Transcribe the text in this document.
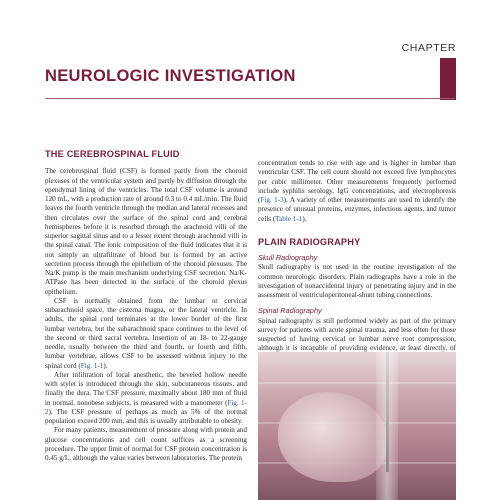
CHAPTER
NEUROLOGIC INVESTIGATION
THE CEREBROSPINAL FLUID

The cerebrospinal fluid (CSF) is formed partly from the choroid plexuses of the ventricular system and partly by diffusion through the ependymal lining of the ventricles. The total CSF volume is around 120 mL, with a production rate of around 0.3 to 0.4 mL/min. The fluid leaves the fourth ventricle through the median and lateral recesses and then circulates over the surface of the spinal cord and cerebral hemispheres before it is resorbed through the arachnoid villi of the superior sagittal sinus and to a lesser extent through arachnoid villi in the spinal canal. The ionic composition of the fluid indicates that it is not simply an ultrafiltrate of blood but is formed by an active secretion process through the epithelium of the choroid plexuses. The Na/K pump is the main mechanism underlying CSF secretion. Na/K-ATPase has been detected in the surface of the choroid plexus epithelium.

CSF is normally obtained from the lumbar or cervical subarachnoid space, the cisterna magna, or the lateral ventricle. In adults, the spinal cord terminates at the lower border of the first lumbar vertebra, but the subarachnoid space continues to the level of the second or third sacral vertebra. Insertion of an 18- to 22-gauge needle, usually between the third and fourth, or fourth and fifth, lumbar vertebrae, allows CSF to be assessed without injury to the spinal cord (Fig. 1-1).

After infiltration of local anesthetic, the beveled hollow needle with stylet is introduced through the skin, subcutaneous tissues, and finally the dura. The CSF pressure, maximally about 180 mm of fluid in normal, nonobese subjects, is measured with a manometer (Fig. 1-2). The CSF pressure of perhaps as much as 5% of the normal population exceed 200 mm, and this is usually attributable to obesity.

For many patients, measurement of pressure along with protein and glucose concentrations and cell count suffices as a screening procedure. The upper limit of normal for CSF protein concentration is 0.45 g/L, although the value varies between laboratories. The protein

concentration tends to rise with age and is higher in lumbar than ventricular CSF. The cell count should not exceed five lymphocytes per cubic millimeter. Other measurements frequently performed include syphilis serology, IgG concentrations, and electrophoresis (Fig. 1-3). A variety of other measurements are used to identify the presence of unusual proteins, enzymes, infectious agents, and tumor cells (Table 1-1).

PLAIN RADIOGRAPHY
Skull Radiography

Skull radiography is not used in the routine investigation of the common neurologic disorders. Plain radiographs have a role in the investigation of nonaccidental injury or penetrating injury and in the assessment of ventriculoperitoneal-shunt tubing connections.

Spinal Radiography

Spinal radiography is still performed widely as part of the primary survey for patients with acute spinal trauma, and less often for those suspected of having cervical or lumbar nerve root compression, although it is incapable of providing evidence, at least directly, of
